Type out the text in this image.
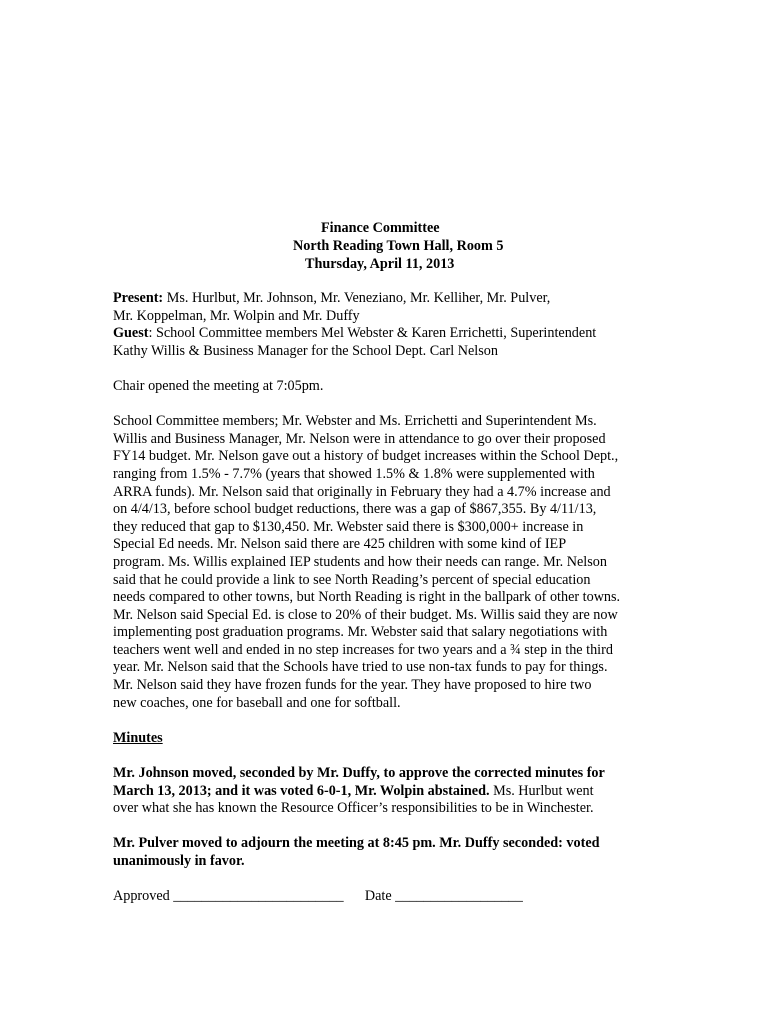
Finance Committee
North Reading Town Hall, Room 5
Thursday, April 11, 2013

Present: Ms. Hurlbut, Mr. Johnson, Mr. Veneziano, Mr. Kelliher, Mr. Pulver,
Mr. Koppelman, Mr. Wolpin and Mr. Duffy
Guest: School Committee members Mel Webster & Karen Errichetti, Superintendent
Kathy Willis & Business Manager for the School Dept. Carl Nelson

Chair opened the meeting at 7:05pm.

School Committee members; Mr. Webster and Ms. Errichetti and Superintendent Ms.
Willis and Business Manager, Mr. Nelson were in attendance to go over their proposed
FY14 budget. Mr. Nelson gave out a history of budget increases within the School Dept.,
ranging from 1.5% - 7.7% (years that showed 1.5% & 1.8% were supplemented with
ARRA funds). Mr. Nelson said that originally in February they had a 4.7% increase and
on 4/4/13, before school budget reductions, there was a gap of $867,355. By 4/11/13,
they reduced that gap to $130,450. Mr. Webster said there is $300,000+ increase in
Special Ed needs. Mr. Nelson said there are 425 children with some kind of IEP
program. Ms. Willis explained IEP students and how their needs can range. Mr. Nelson
said that he could provide a link to see North Reading’s percent of special education
needs compared to other towns, but North Reading is right in the ballpark of other towns.
Mr. Nelson said Special Ed. is close to 20% of their budget. Ms. Willis said they are now
implementing post graduation programs. Mr. Webster said that salary negotiations with
teachers went well and ended in no step increases for two years and a ¾ step in the third
year. Mr. Nelson said that the Schools have tried to use non-tax funds to pay for things.
Mr. Nelson said they have frozen funds for the year. They have proposed to hire two
new coaches, one for baseball and one for softball.

Minutes

Mr. Johnson moved, seconded by Mr. Duffy, to approve the corrected minutes for
March 13, 2013; and it was voted 6-0-1, Mr. Wolpin abstained. Ms. Hurlbut went
over what she has known the Resource Officer’s responsibilities to be in Winchester.

Mr. Pulver moved to adjourn the meeting at 8:45 pm. Mr. Duffy seconded: voted
unanimously in favor.

Approved ________________________ Date __________________
